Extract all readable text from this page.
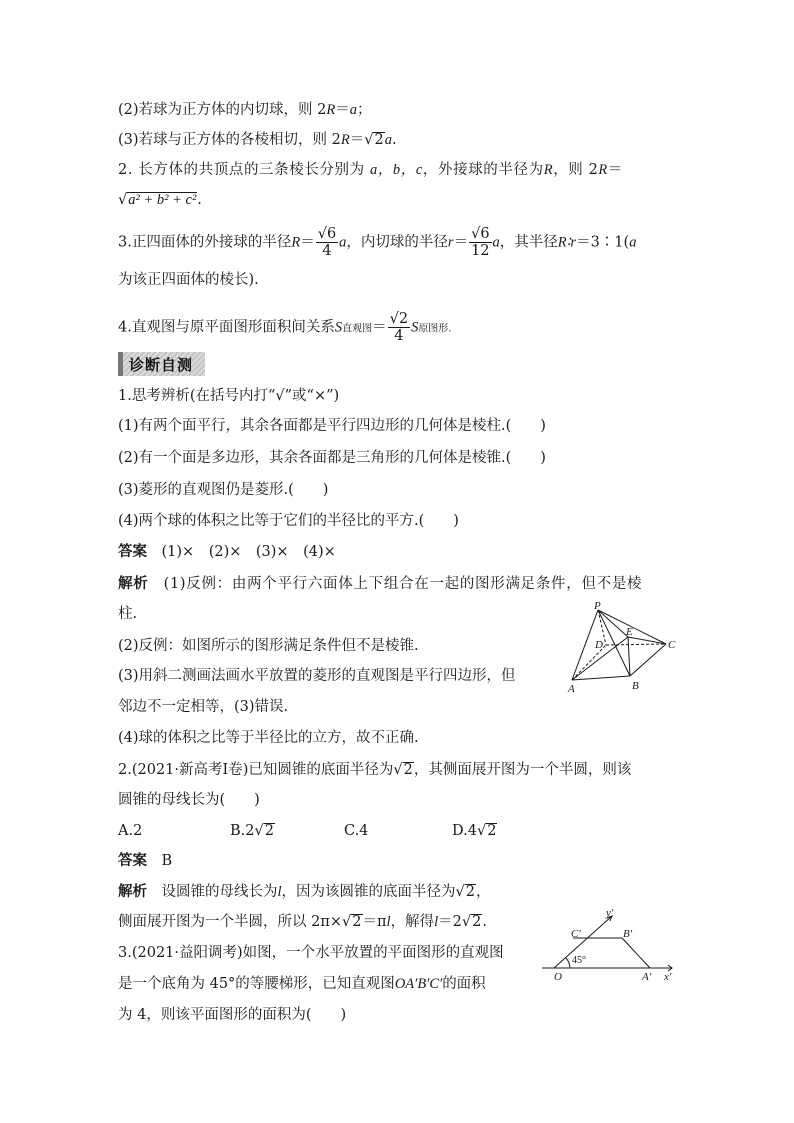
(2)若球为正方体的内切球，则 2R＝a；
(3)若球与正方体的各棱相切，则 2R＝√2a.
2. 长方体的共顶点的三条棱长分别为 a，b，c，外接球的半径为R，则 2R＝
√a² + b² + c².
3.正四面体的外接球的半径$R= \frac{√6}{4}$ a，内切球的半径$r= \frac{√6}{12}$ a，其半径R∶r＝3∶1(a
为该正四面体的棱长).
4.直观图与原平面图形面积间关系S直观图＝ $\frac{√2}{4}$ S原图形.
诊断自测
1.思考辨析(在括号内打“√”或“×”)
(1)有两个面平行，其余各面都是平行四边形的几何体是棱柱.(　　)
(2)有一个面是多边形，其余各面都是三角形的几何体是棱锥.(　　)
(3)菱形的直观图仍是菱形.(　　)
(4)两个球的体积之比等于它们的半径比的平方.(　　)
答案　 (1)×　(2)×　(3)×　(4)×
解析　 (1)反例：由两个平行六面体上下组合在一起的图形满足条件，但不是棱
柱.
(2)反例：如图所示的图形满足条件但不是棱锥.
(3)用斜二测画法画水平放置的菱形的直观图是平行四边形，但
邻边不一定相等，(3)错误.
(4)球的体积之比等于半径比的立方，故不正确.
P
E
D	C
A	B
2.(2021·新高考Ⅰ卷)已知圆锥的底面半径为√2，其侧面展开图为一个半圆，则该
圆锥的母线长为(　　)
A.2	B.2√2	C.4	D.4√2
答案　 B
解析　 设圆锥的母线长为l，因为该圆锥的底面半径为√2，
侧面展开图为一个半圆，所以 2π×√2＝πl，解得l＝2√2.
3.(2021·益阳调考)如图，一个水平放置的平面图形的直观图
是一个底角为 45°的等腰梯形，已知直观图OA′B′C′的面积
为 4，则该平面图形的面积为(　　)
y′
C′	B′
45°
O	A′ x′
